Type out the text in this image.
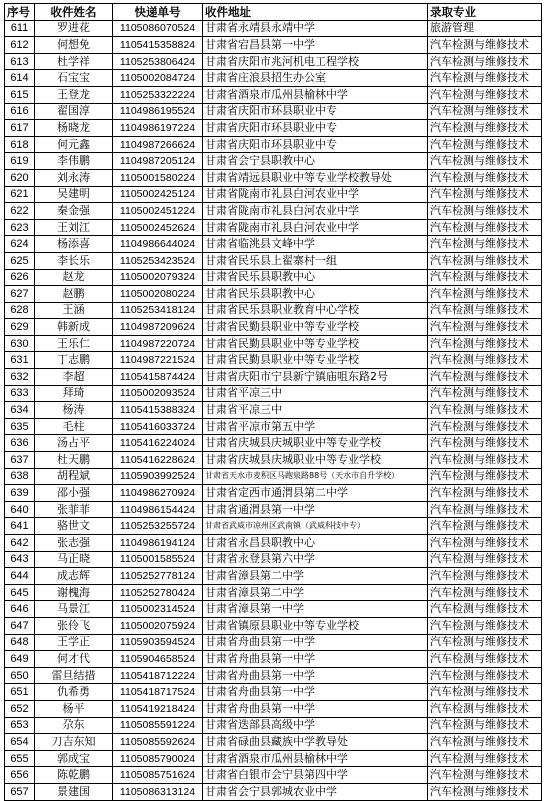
序号	收件姓名	快递单号	收件地址	录取专业
611	罗进花	1105086070524	甘肃省永靖县永靖中学	旅游管理
612	何想免	1105415358824	甘肃省宕昌县第一中学	汽车检测与维修技术
613	杜学祥	1105253806424	甘肃省庆阳市兆河机电工程学校	汽车检测与维修技术
614	石宝宝	1105002084724	甘肃省庄浪县招生办公室	汽车检测与维修技术
615	王登龙	1105253322224	甘肃省酒泉市瓜州县榆林中学	汽车检测与维修技术
616	翟国淳	1104986195524	甘肃省庆阳市环县职业中专	汽车检测与维修技术
617	杨晓龙	1104986197224	甘肃省庆阳市环县职业中专	汽车检测与维修技术
618	何元鑫	1104987266624	甘肃省庆阳市环县职业中专	汽车检测与维修技术
619	李伟鹏	1104987205124	甘肃省会宁县职教中心	汽车检测与维修技术
620	刘永涛	1105001580224	甘肃省靖远县职业中等专业学校教导处	汽车检测与维修技术
621	吴建明	1105002425124	甘肃省陇南市礼县白河农业中学	汽车检测与维修技术
622	秦金强	1105002451224	甘肃省陇南市礼县白河农业中学	汽车检测与维修技术
623	王刘江	1105002452624	甘肃省陇南市礼县白河农业中学	汽车检测与维修技术
624	杨添喜	1104986644024	甘肃省临洮县文峰中学	汽车检测与维修技术
625	李长乐	1105253423524	甘肃省民乐县上翟寨村一组	汽车检测与维修技术
626	赵龙	1105002079324	甘肃省民乐县职教中心	汽车检测与维修技术
627	赵鹏	1105002080224	甘肃省民乐县职教中心	汽车检测与维修技术
628	王涵	1105253418124	甘肃省民乐县职业教育中心学校	汽车检测与维修技术
629	韩新成	1104987209624	甘肃省民勤县职业中等专业学校	汽车检测与维修技术
630	王乐仁	1104987220724	甘肃省民勤县职业中等专业学校	汽车检测与维修技术
631	丁志鹏	1104987221524	甘肃省民勤县职业中等专业学校	汽车检测与维修技术
632	李超	1105415874424	甘肃省庆阳市宁县新宁镇庙咀东路2号	汽车检测与维修技术
633	拜琦	1105002093524	甘肃省平凉三中	汽车检测与维修技术
634	杨涛	1105415388324	甘肃省平凉三中	汽车检测与维修技术
635	毛柱	1105416033724	甘肃省平凉市第五中学	汽车检测与维修技术
636	汤占平	1105416224024	甘肃省庆城县庆城职业中等专业学校	汽车检测与维修技术
637	杜天鹏	1105416228624	甘肃省庆城县庆城职业中等专业学校	汽车检测与维修技术
638	胡程斌	1105903992524	甘肃省天水市麦积区马跑泉路88号（天水市自升学校）	汽车检测与维修技术
639	邵小强	1104986270924	甘肃省定西市通渭县第二中学	汽车检测与维修技术
640	张菲菲	1104986154424	甘肃省通渭县第一中学	汽车检测与维修技术
641	骆世文	1105253255724	甘肃省武威市凉州区武南镇（武威科技中专）	汽车检测与维修技术
642	张志强	1104986194124	甘肃省永昌县职教中心	汽车检测与维修技术
643	马正晓	1105001585524	甘肃省永登县第六中学	汽车检测与维修技术
644	成志辉	1105252778124	甘肃省漳县第二中学	汽车检测与维修技术
645	谢槐海	1105252780424	甘肃省漳县第二中学	汽车检测与维修技术
646	马景江	1105002314524	甘肃省漳县第一中学	汽车检测与维修技术
647	张伶飞	1105002075924	甘肃省镇原县职业中等专业学校	汽车检测与维修技术
648	王学正	1105903594524	甘肃省舟曲县第一中学	汽车检测与维修技术
649	何才代	1105904658524	甘肃省舟曲县第一中学	汽车检测与维修技术
650	雷旦结措	1105418712224	甘肃省舟曲县第一中学	汽车检测与维修技术
651	仇希勇	1105418717524	甘肃省舟曲县第一中学	汽车检测与维修技术
652	杨平	1105419218424	甘肃省舟曲县第一中学	汽车检测与维修技术
653	尕东	1105085591224	甘肃省迭部县高级中学	汽车检测与维修技术
654	刀吉东知	1105085592624	甘肃省碌曲县藏族中学教导处	汽车检测与维修技术
655	郭成宝	1105085790024	甘肃省酒泉市瓜州县榆林中学	汽车检测与维修技术
656	陈乾鹏	1105085751624	甘肃省白银市会宁县第四中学	汽车检测与维修技术
657	景建国	1105086313124	甘肃省会宁县郭城农业中学	汽车检测与维修技术
